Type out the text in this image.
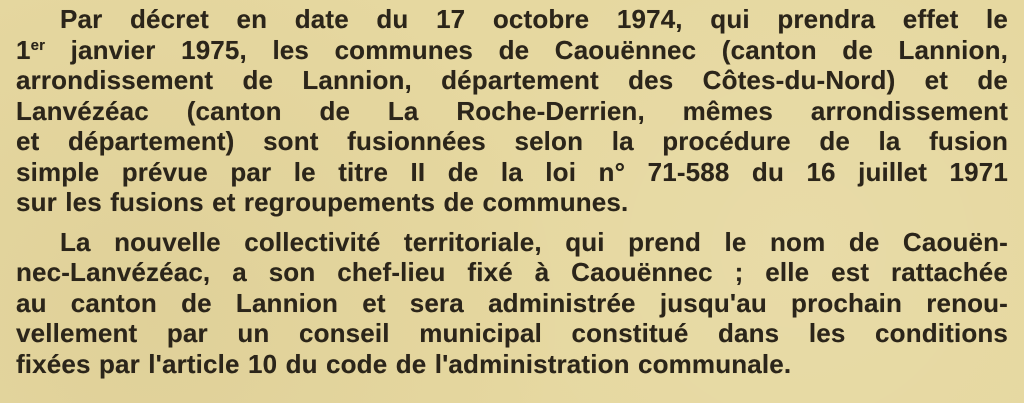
Par décret en date du 17 octobre 1974, qui prendra effet le
1er janvier 1975, les communes de Caouënnec (canton de Lannion,
arrondissement de Lannion, département des Côtes-du-Nord) et de
Lanvézéac (canton de La Roche-Derrien, mêmes arrondissement
et département) sont fusionnées selon la procédure de la fusion
simple prévue par le titre II de la loi n° 71-588 du 16 juillet 1971
sur les fusions et regroupements de communes.
La nouvelle collectivité territoriale, qui prend le nom de Caouën-
nec-Lanvézéac, a son chef-lieu fixé à Caouënnec ; elle est rattachée
au canton de Lannion et sera administrée jusqu'au prochain renou-
vellement par un conseil municipal constitué dans les conditions
fixées par l'article 10 du code de l'administration communale.
